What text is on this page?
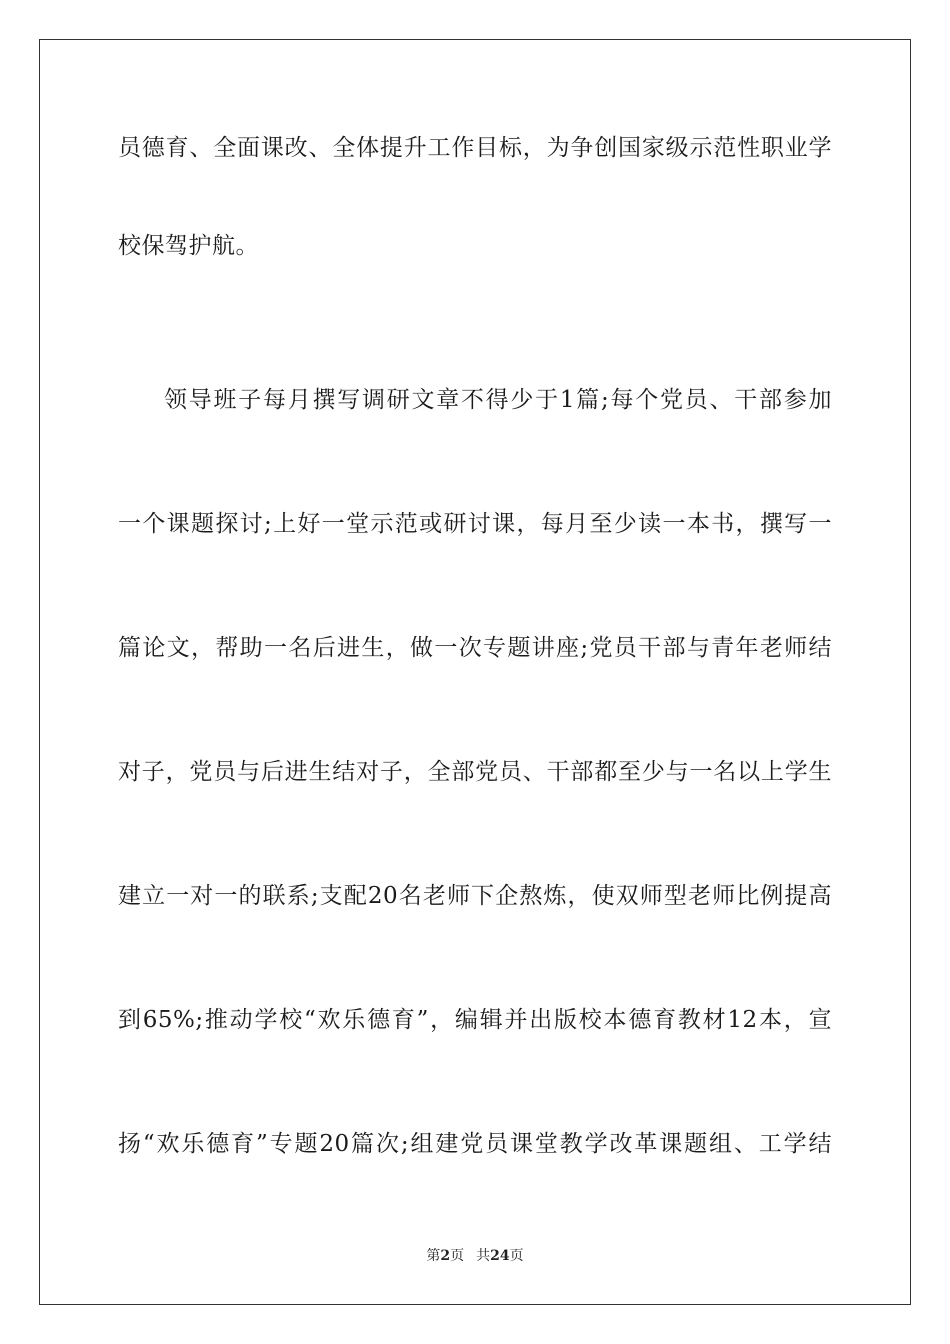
员德育、全面课改、全体提升工作目标，为争创国家级示范性职业学
校保驾护航。
领导班子每月撰写调研文章不得少于1篇;每个党员、干部参加
一个课题探讨;上好一堂示范或研讨课，每月至少读一本书，撰写一
篇论文，帮助一名后进生，做一次专题讲座;党员干部与青年老师结
对子，党员与后进生结对子，全部党员、干部都至少与一名以上学生
建立一对一的联系;支配20名老师下企熬炼，使双师型老师比例提高
到65%;推动学校“欢乐德育”，编辑并出版校本德育教材12本，宣
扬“欢乐德育”专题20篇次;组建党员课堂教学改革课题组、工学结
第2页 共24页
